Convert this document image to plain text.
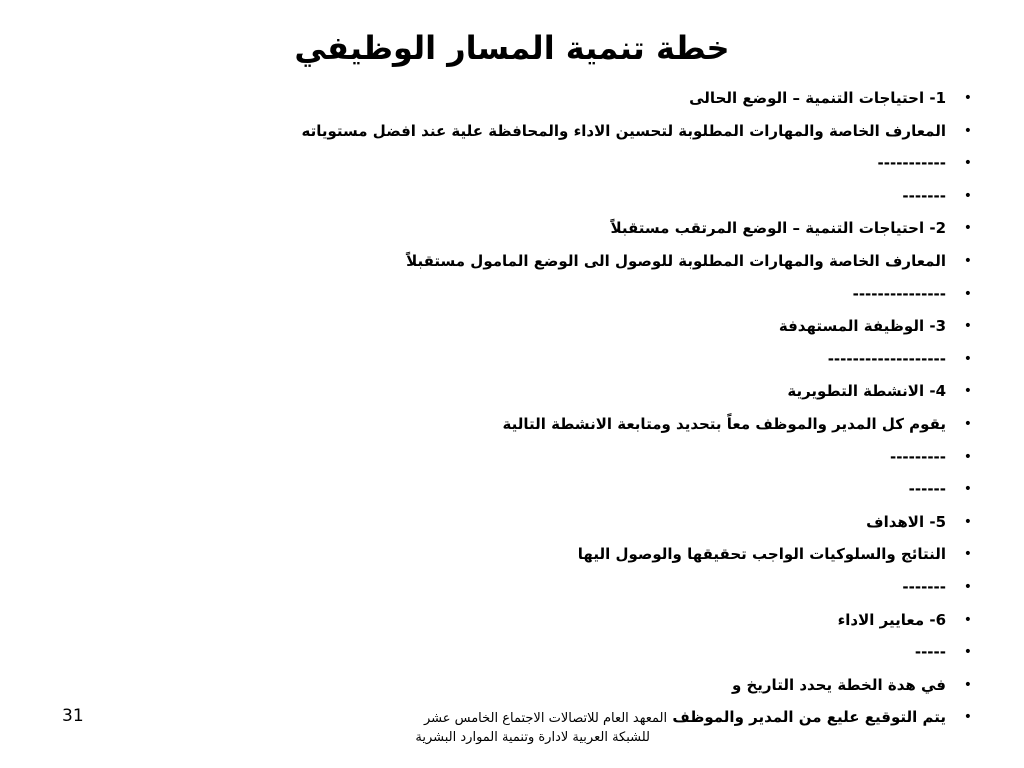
خطة تنمية المسار الوظيفي
•
1- احتياجات التنمية – الوضع الحالى
•
المعارف الخاصة والمهارات المطلوبة لتحسين الاداء والمحافظة علية عند افضل مستوياته
•
-----------
•
-------
•
2- احتياجات التنمية – الوضع المرتقب مستقبلاً
•
المعارف الخاصة والمهارات المطلوبة للوصول الى الوضع المامول مستقبلاً
•
---------------
•
3- الوظيفة المستهدفة
•
-------------------
•
4- الانشطة التطويرية
•
يقوم كل المدير والموظف معاً بتحديد ومتابعة الانشطة التالية
•
---------
•
------
•
5- الاهداف
•
النتائج والسلوكيات الواجب تحقيقها والوصول اليها
•
-------
•
6- معايير الاداء
•
-----
•
في هدة الخطة يحدد التاريخ و
•
يتم التوقيع عليع من المدير والموظف المعهد العام للاتصالات الاجتماع الخامس عشر
للشبكة العربية لادارة وتنمية الموارد البشرية
31
